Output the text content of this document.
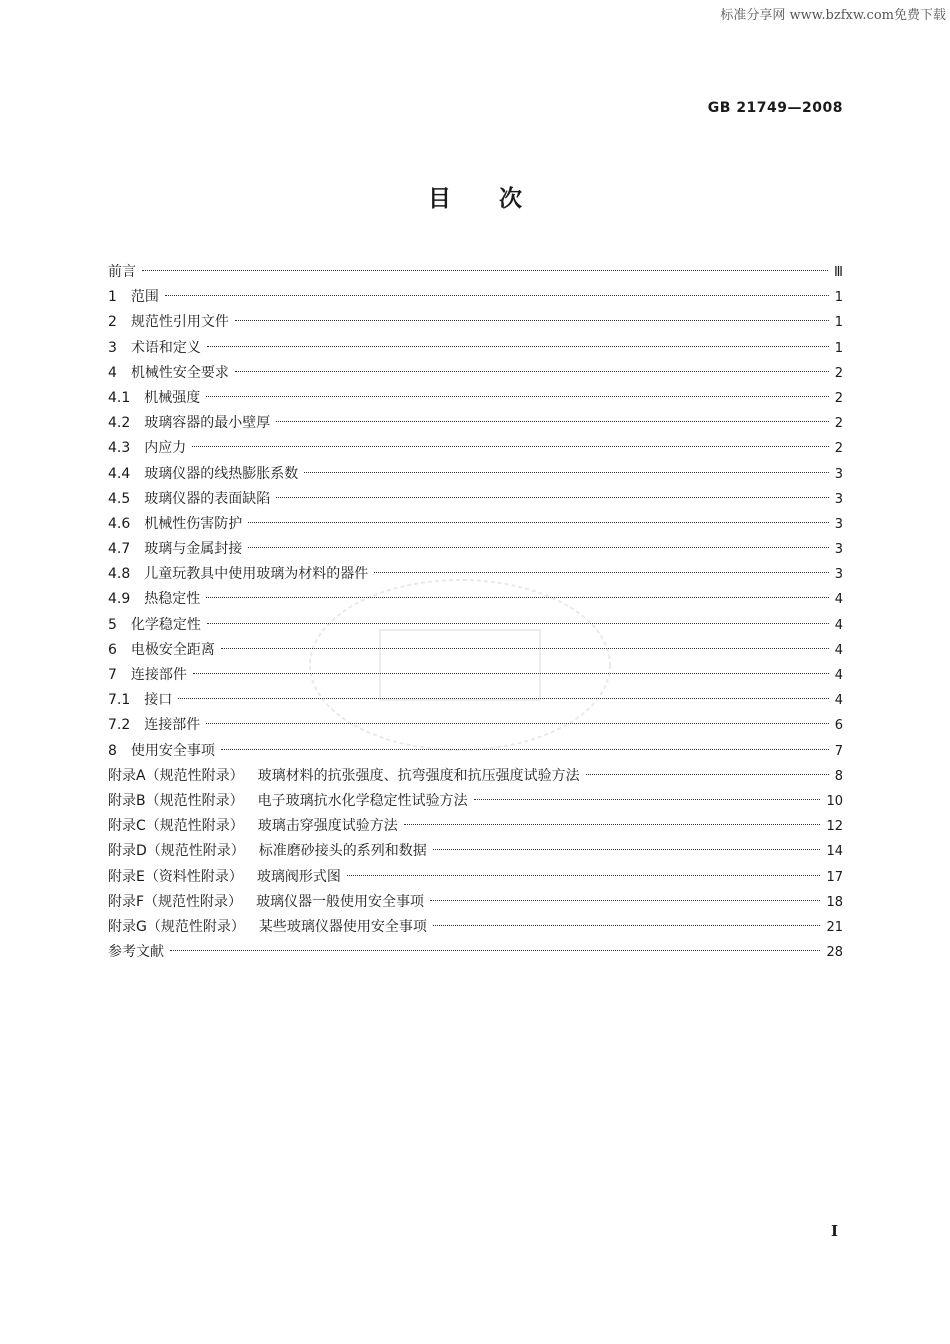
标准分享网 www.bzfxw.com免费下载
GB 21749—2008
目次
前言	Ⅲ
1 范围	1
2 规范性引用文件	1
3 术语和定义	1
4 机械性安全要求	2
4.1 机械强度	2
4.2 玻璃容器的最小壁厚	2
4.3 内应力	2
4.4 玻璃仪器的线热膨胀系数	3
4.5 玻璃仪器的表面缺陷	3
4.6 机械性伤害防护	3
4.7 玻璃与金属封接	3
4.8 儿童玩教具中使用玻璃为材料的器件	3
4.9 热稳定性	4
5 化学稳定性	4
6 电极安全距离	4
7 连接部件	4
7.1 接口	4
7.2 连接部件	6
8 使用安全事项	7
附录A（规范性附录） 玻璃材料的抗张强度、抗弯强度和抗压强度试验方法	8
附录B（规范性附录） 电子玻璃抗水化学稳定性试验方法	10
附录C（规范性附录） 玻璃击穿强度试验方法	12
附录D（规范性附录） 标准磨砂接头的系列和数据	14
附录E（资料性附录） 玻璃阀形式图	17
附录F（规范性附录） 玻璃仪器一般使用安全事项	18
附录G（规范性附录） 某些玻璃仪器使用安全事项	21
参考文献	28
I
